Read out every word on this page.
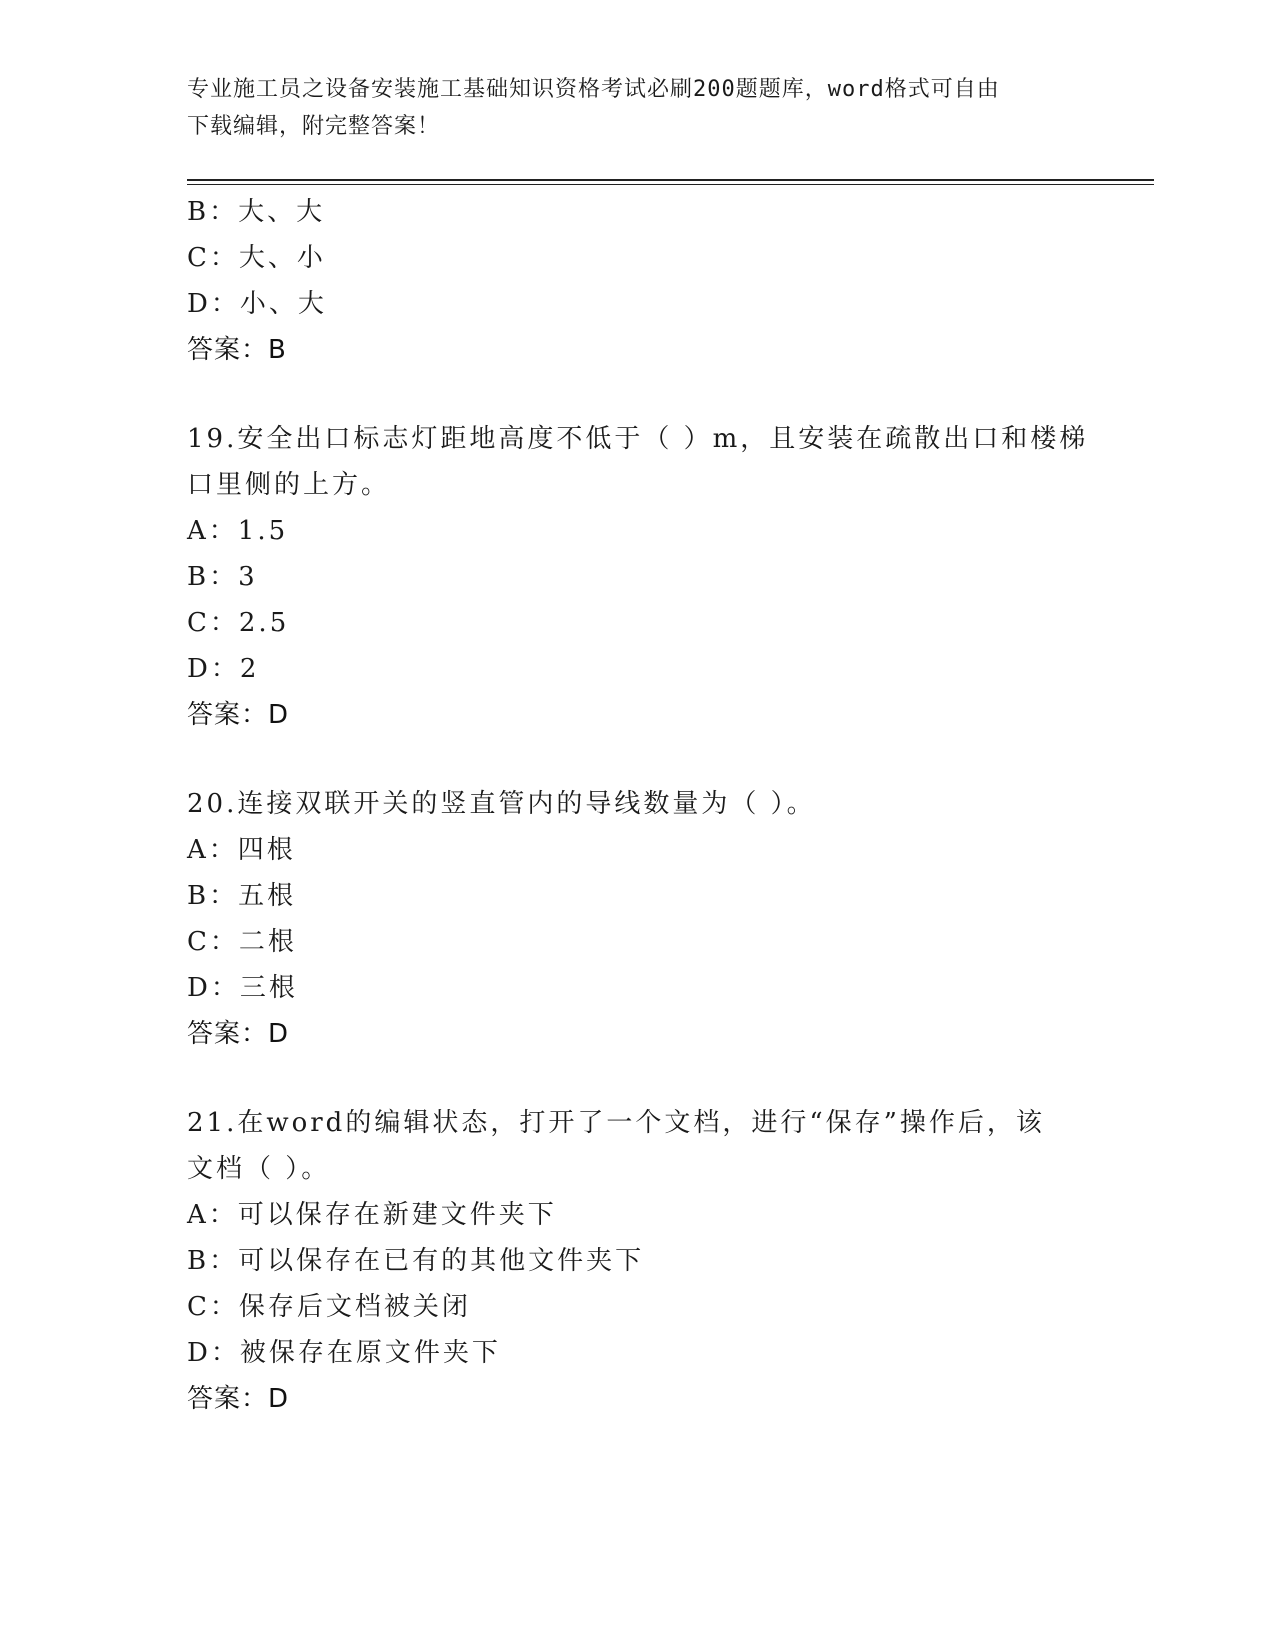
专业施工员之设备安装施工基础知识资格考试必刷200题题库，word格式可自由
下载编辑，附完整答案！
B：大、大
C：大、小
D：小、大
答案：B
19.安全出口标志灯距地高度不低于（ ）m，且安装在疏散出口和楼梯
口里侧的上方。
A：1.5
B：3
C：2.5
D：2
答案：D
20.连接双联开关的竖直管内的导线数量为（ ）。
A：四根
B：五根
C：二根
D：三根
答案：D
21.在word的编辑状态，打开了一个文档，进行“保存”操作后，该
文档（ ）。
A：可以保存在新建文件夹下
B：可以保存在已有的其他文件夹下
C：保存后文档被关闭
D：被保存在原文件夹下
答案：D
